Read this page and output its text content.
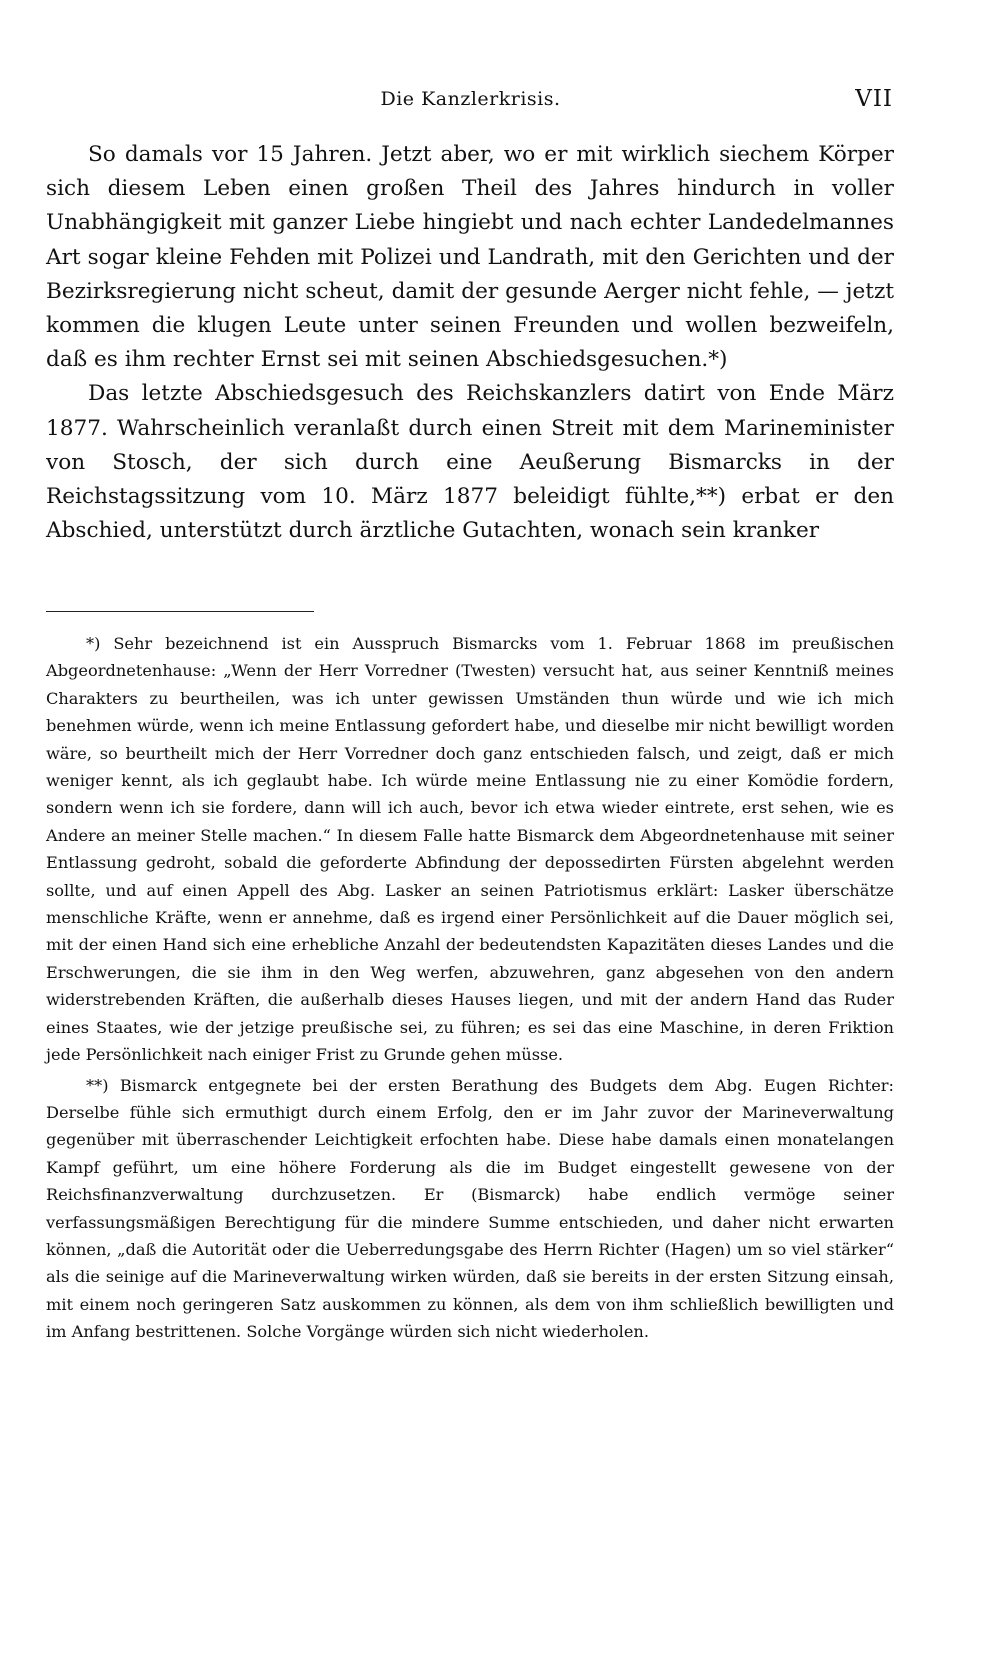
Die Kanzlerkrisis.	VII

So damals vor 15 Jahren. Jetzt aber, wo er mit wirklich siechem Körper sich diesem Leben einen großen Theil des Jahres hindurch in voller Unabhängigkeit mit ganzer Liebe hingiebt und nach echter Landedelmannes Art sogar kleine Fehden mit Polizei und Landrath, mit den Gerichten und der Bezirksregierung nicht scheut, damit der gesunde Aerger nicht fehle, — jetzt kommen die klugen Leute unter seinen Freunden und wollen bezweifeln, daß es ihm rechter Ernst sei mit seinen Abschiedsgesuchen.*)

Das letzte Abschiedsgesuch des Reichskanzlers datirt von Ende März 1877. Wahrscheinlich veranlaßt durch einen Streit mit dem Marineminister von Stosch, der sich durch eine Aeußerung Bismarcks in der Reichstagssitzung vom 10. März 1877 beleidigt fühlte,**) erbat er den Abschied, unterstützt durch ärztliche Gutachten, wonach sein kranker

*) Sehr bezeichnend ist ein Ausspruch Bismarcks vom 1. Februar 1868 im preußischen Abgeordnetenhause: „Wenn der Herr Vorredner (Twesten) versucht hat, aus seiner Kenntniß meines Charakters zu beurtheilen, was ich unter gewissen Umständen thun würde und wie ich mich benehmen würde, wenn ich meine Entlassung gefordert habe, und dieselbe mir nicht bewilligt worden wäre, so beurtheilt mich der Herr Vorredner doch ganz entschieden falsch, und zeigt, daß er mich weniger kennt, als ich geglaubt habe. Ich würde meine Entlassung nie zu einer Komödie fordern, sondern wenn ich sie fordere, dann will ich auch, bevor ich etwa wieder eintrete, erst sehen, wie es Andere an meiner Stelle machen.“ In diesem Falle hatte Bismarck dem Abgeordnetenhause mit seiner Entlassung gedroht, sobald die geforderte Abfindung der depossedirten Fürsten abgelehnt werden sollte, und auf einen Appell des Abg. Lasker an seinen Patriotismus erklärt: Lasker überschätze menschliche Kräfte, wenn er annehme, daß es irgend einer Persönlichkeit auf die Dauer möglich sei, mit der einen Hand sich eine erhebliche Anzahl der bedeutendsten Kapazitäten dieses Landes und die Erschwerungen, die sie ihm in den Weg werfen, abzuwehren, ganz abgesehen von den andern widerstrebenden Kräften, die außerhalb dieses Hauses liegen, und mit der andern Hand das Ruder eines Staates, wie der jetzige preußische sei, zu führen; es sei das eine Maschine, in deren Friktion jede Persönlichkeit nach einiger Frist zu Grunde gehen müsse.

**) Bismarck entgegnete bei der ersten Berathung des Budgets dem Abg. Eugen Richter: Derselbe fühle sich ermuthigt durch einem Erfolg, den er im Jahr zuvor der Marineverwaltung gegenüber mit überraschender Leichtigkeit erfochten habe. Diese habe damals einen monatelangen Kampf geführt, um eine höhere Forderung als die im Budget eingestellt gewesene von der Reichsfinanzverwaltung durchzusetzen. Er (Bismarck) habe endlich vermöge seiner verfassungsmäßigen Berechtigung für die mindere Summe entschieden, und daher nicht erwarten können, „daß die Autorität oder die Ueberredungsgabe des Herrn Richter (Hagen) um so viel stärker“ als die seinige auf die Marineverwaltung wirken würden, daß sie bereits in der ersten Sitzung einsah, mit einem noch geringeren Satz auskommen zu können, als dem von ihm schließlich bewilligten und im Anfang bestrittenen. Solche Vorgänge würden sich nicht wiederholen.
